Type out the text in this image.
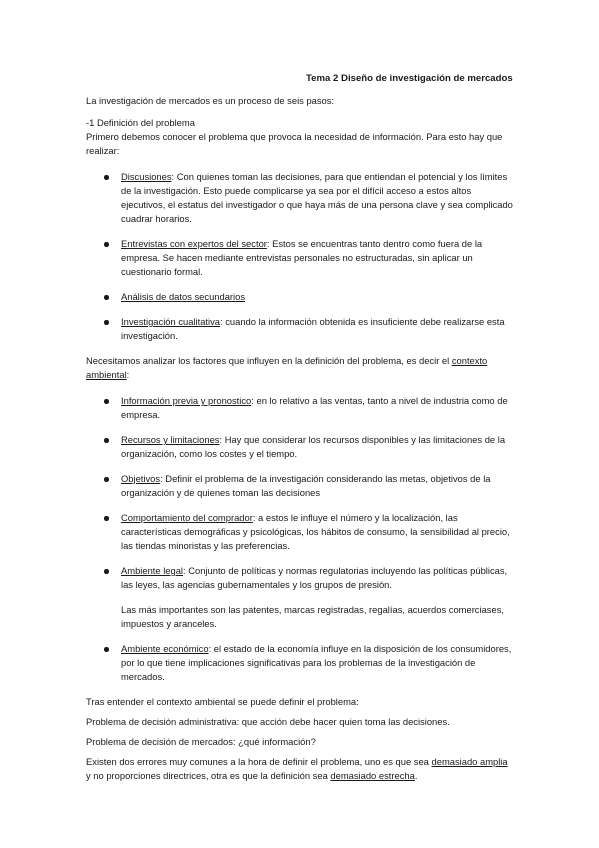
Tema 2 Diseño de investigación de mercados

La investigación de mercados es un proceso de seis pasos:

-1 Definición del problema

Primero debemos conocer el problema que provoca la necesidad de información. Para esto hay que realizar:

Discusiones: Con quienes toman las decisiones, para que entiendan el potencial y los límites de la investigación. Esto puede complicarse ya sea por el difícil acceso a estos altos ejecutivos, el estatus del investigador o que haya más de una persona clave y sea complicado cuadrar horarios.
Entrevistas con expertos del sector: Estos se encuentras tanto dentro como fuera de la empresa. Se hacen mediante entrevistas personales no estructuradas, sin aplicar un cuestionario formal.
Análisis de datos secundarios
Investigación cualitativa: cuando la información obtenida es insuficiente debe realizarse esta investigación.

Necesitamos analizar los factores que influyen en la definición del problema, es decir el contexto ambiental:

Información previa y pronostico: en lo relativo a las ventas, tanto a nivel de industria como de empresa.
Recursos y limitaciones: Hay que considerar los recursos disponibles y las limitaciones de la organización, como los costes y el tiempo.
Objetivos: Definir el problema de la investigación considerando las metas, objetivos de la organización y de quienes toman las decisiones
Comportamiento del comprador: a estos le influye el número y la localización, las características demográficas y psicológicas, los hábitos de consumo, la sensibilidad al precio, las tiendas minoristas y las preferencias.
Ambiente legal: Conjunto de políticas y normas regulatorias incluyendo las políticas públicas, las leyes, las agencias gubernamentales y los grupos de presión.

Las más importantes son las patentes, marcas registradas, regalías, acuerdos comerciases, impuestos y aranceles.

Ambiente económico: el estado de la economía influye en la disposición de los consumidores, por lo que tiene implicaciones significativas para los problemas de la investigación de mercados.

Tras entender el contexto ambiental se puede definir el problema:

Problema de decisión administrativa: que acción debe hacer quien toma las decisiones.

Problema de decisión de mercados: ¿qué información?

Existen dos errores muy comunes a la hora de definir el problema, uno es que sea demasiado amplia y no proporciones directrices, otra es que la definición sea demasiado estrecha.
